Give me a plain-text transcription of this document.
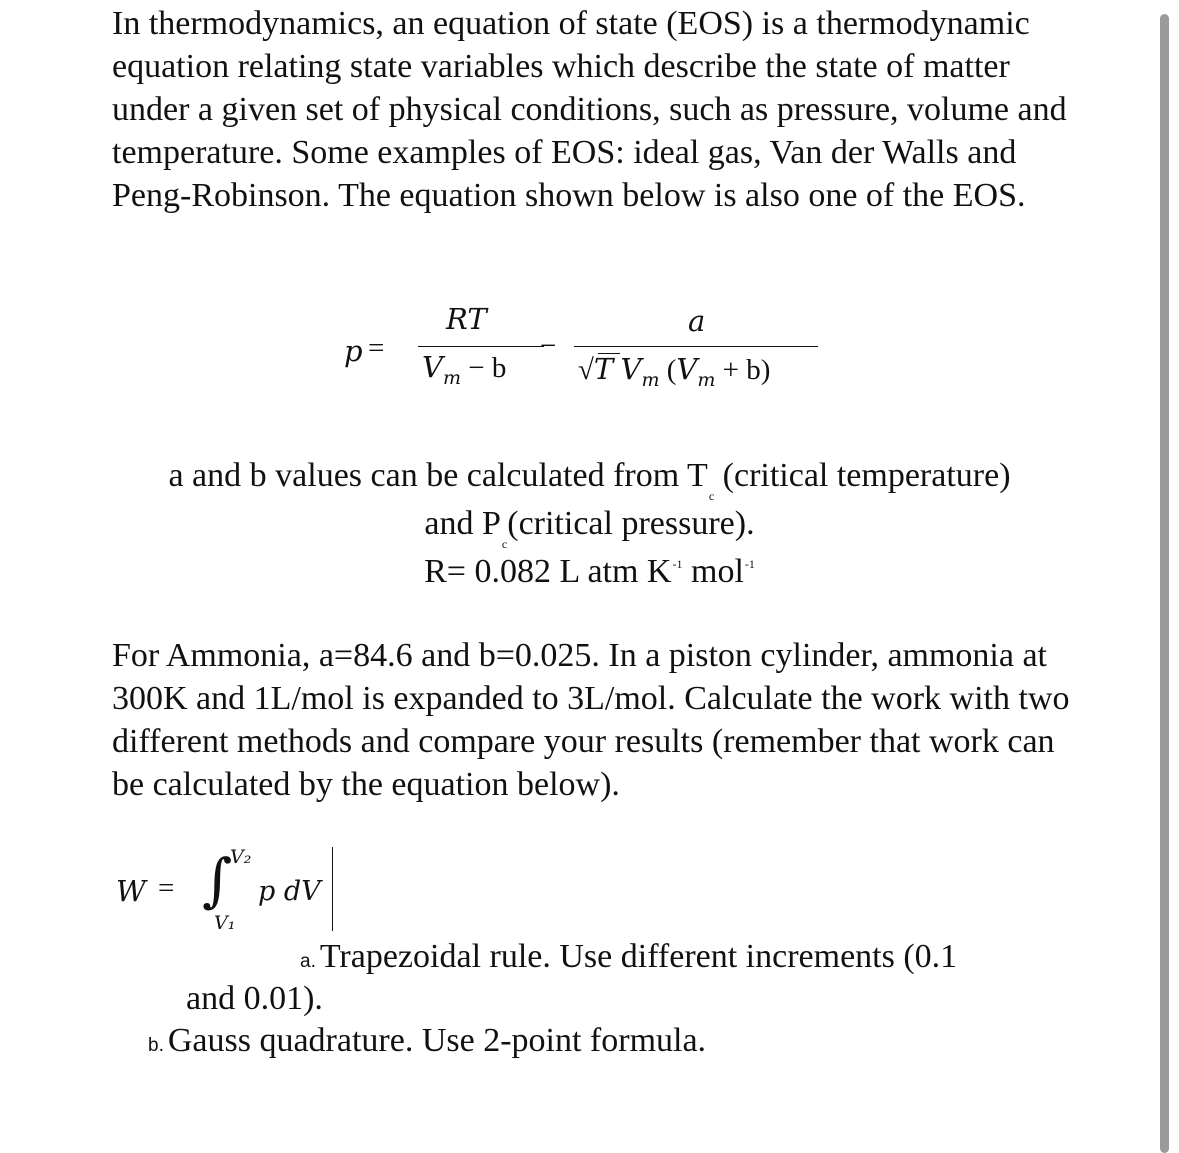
In thermodynamics, an equation of state (EOS) is a thermodynamic equation relating state variables which describe the state of matter under a given set of physical conditions, such as pressure, volume and temperature. Some examples of EOS: ideal gas, Van der Walls and Peng-Robinson. The equation shown below is also one of the EOS.
p =
RT
$V_m - b$
−
a
√T $V_m$ $(V_m + b)$
a and b values can be calculated from $T_c$ (critical temperature)
and $P_c(critical$ pressure).
R= 0.082 L atm $K^{-1}$ mol$^{-1}$
For Ammonia, a=84.6 and b=0.025. In a piston cylinder, ammonia at 300K and 1L/mol is expanded to 3L/mol. Calculate the work with two different methods and compare your results (remember that work can be calculated by the equation below).
W = ∫
V₂
V₁
p dV
a. Trapezoidal rule. Use different increments (0.1
and 0.01).
b. Gauss quadrature. Use 2-point formula.
